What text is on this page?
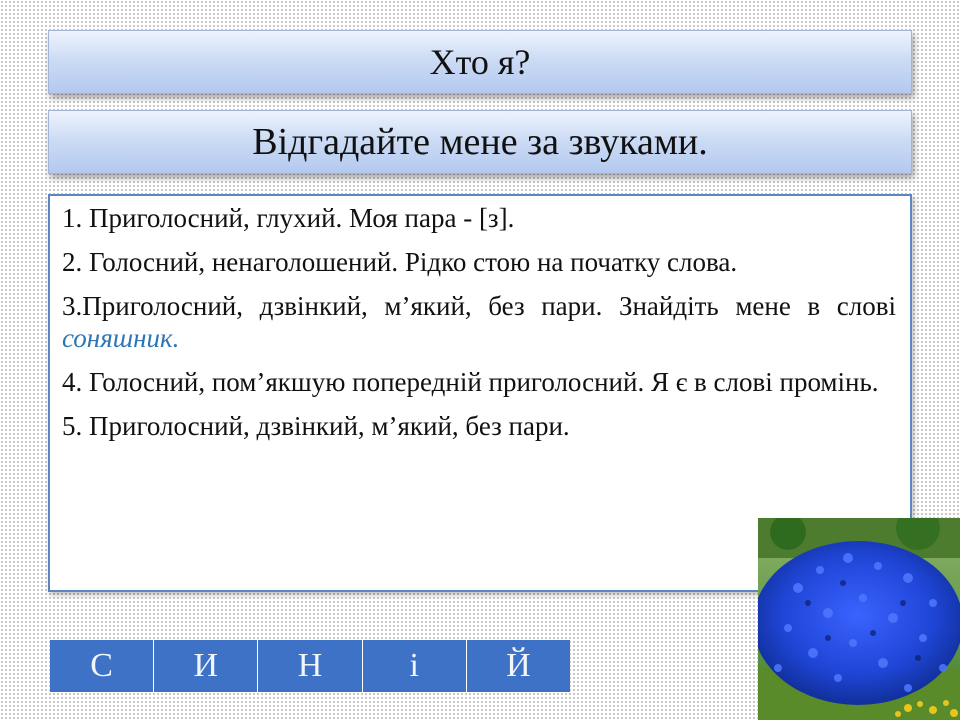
Хто я?
Відгадайте мене за звуками.

1. Приголосний, глухий. Моя пара - [з].

2. Голосний, ненаголошений. Рідко стою на початку слова.

3.Приголосний, дзвінкий, м’який, без пари. Знайдіть мене в слові соняшник.

4. Голосний, пом’якшую попередній приголосний. Я є в слові промінь.

5. Приголосний, дзвінкий, м’який, без пари.

С	И	Н	і	Й
